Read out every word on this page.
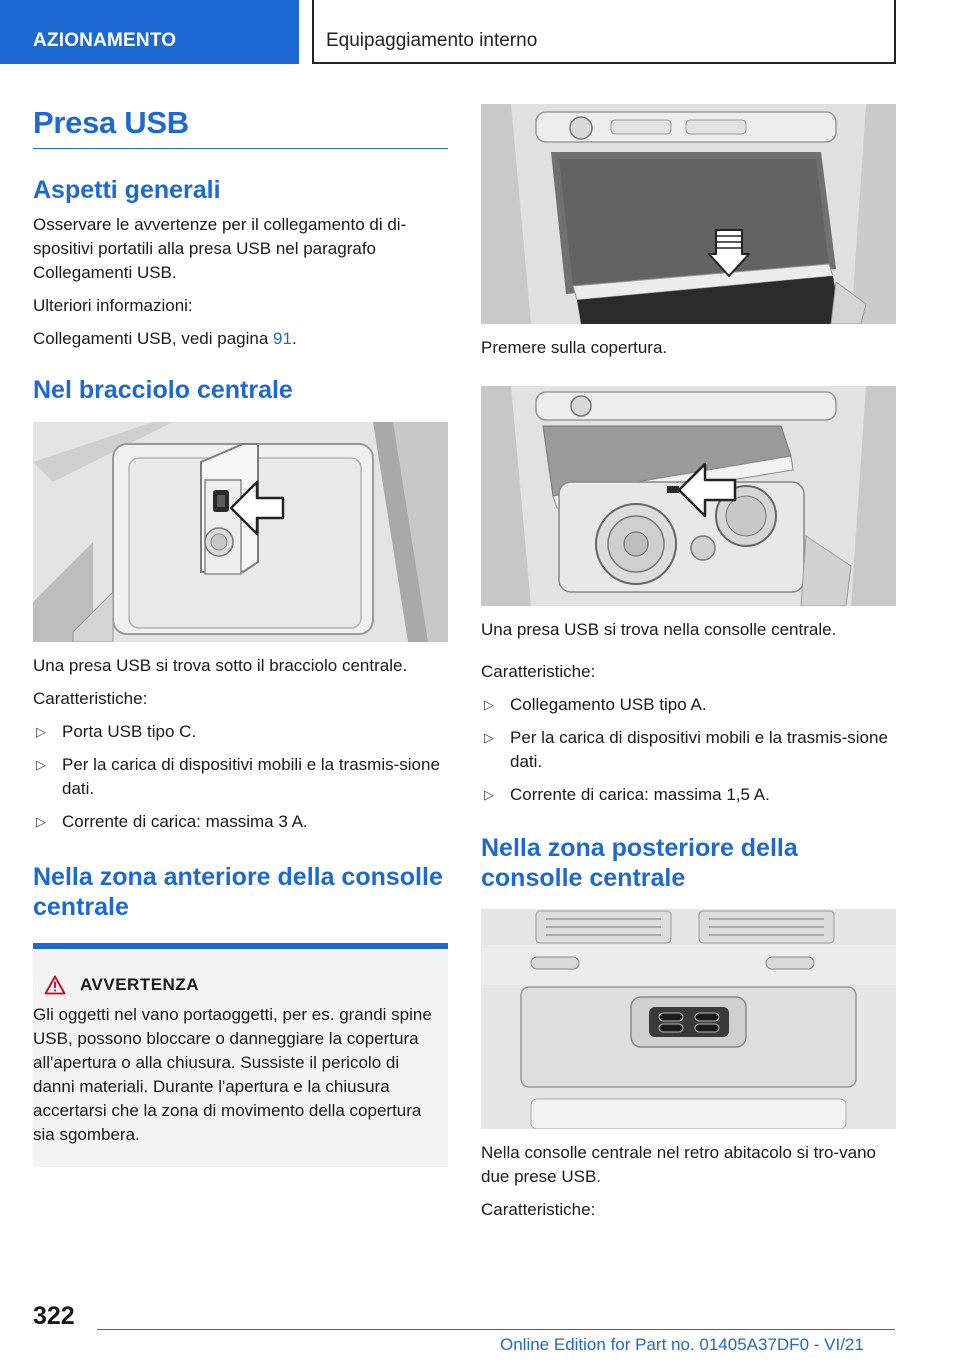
AZIONAMENTO	Equipaggiamento interno
Presa USB
Aspetti generali

Osservare le avvertenze per il collegamento di di-spositivi portatili alla presa USB nel paragrafo Collegamenti USB.

Ulteriori informazioni:

Collegamenti USB, vedi pagina 91.

Nel bracciolo centrale

Una presa USB si trova sotto il bracciolo centrale.

Caratteristiche:

▷ Porta USB tipo C.
▷ Per la carica di dispositivi mobili e la trasmis-sione dati.
▷ Corrente di carica: massima 3 A.
Nella zona anteriore della consolle centrale
AVVERTENZA

Gli oggetti nel vano portaoggetti, per es. grandi spine USB, possono bloccare o danneggiare la copertura all'apertura o alla chiusura. Sussiste il pericolo di danni materiali. Durante l'apertura e la chiusura accertarsi che la zona di movimento della copertura sia sgombera.

Premere sulla copertura.

Una presa USB si trova nella consolle centrale.

Caratteristiche:

▷ Collegamento USB tipo A.
▷ Per la carica di dispositivi mobili e la trasmis-sione dati.
▷ Corrente di carica: massima 1,5 A.
Nella zona posteriore della consolle centrale

Nella consolle centrale nel retro abitacolo si tro-vano due prese USB.

Caratteristiche:

322
Online Edition for Part no. 01405A37DF0 - VI/21
